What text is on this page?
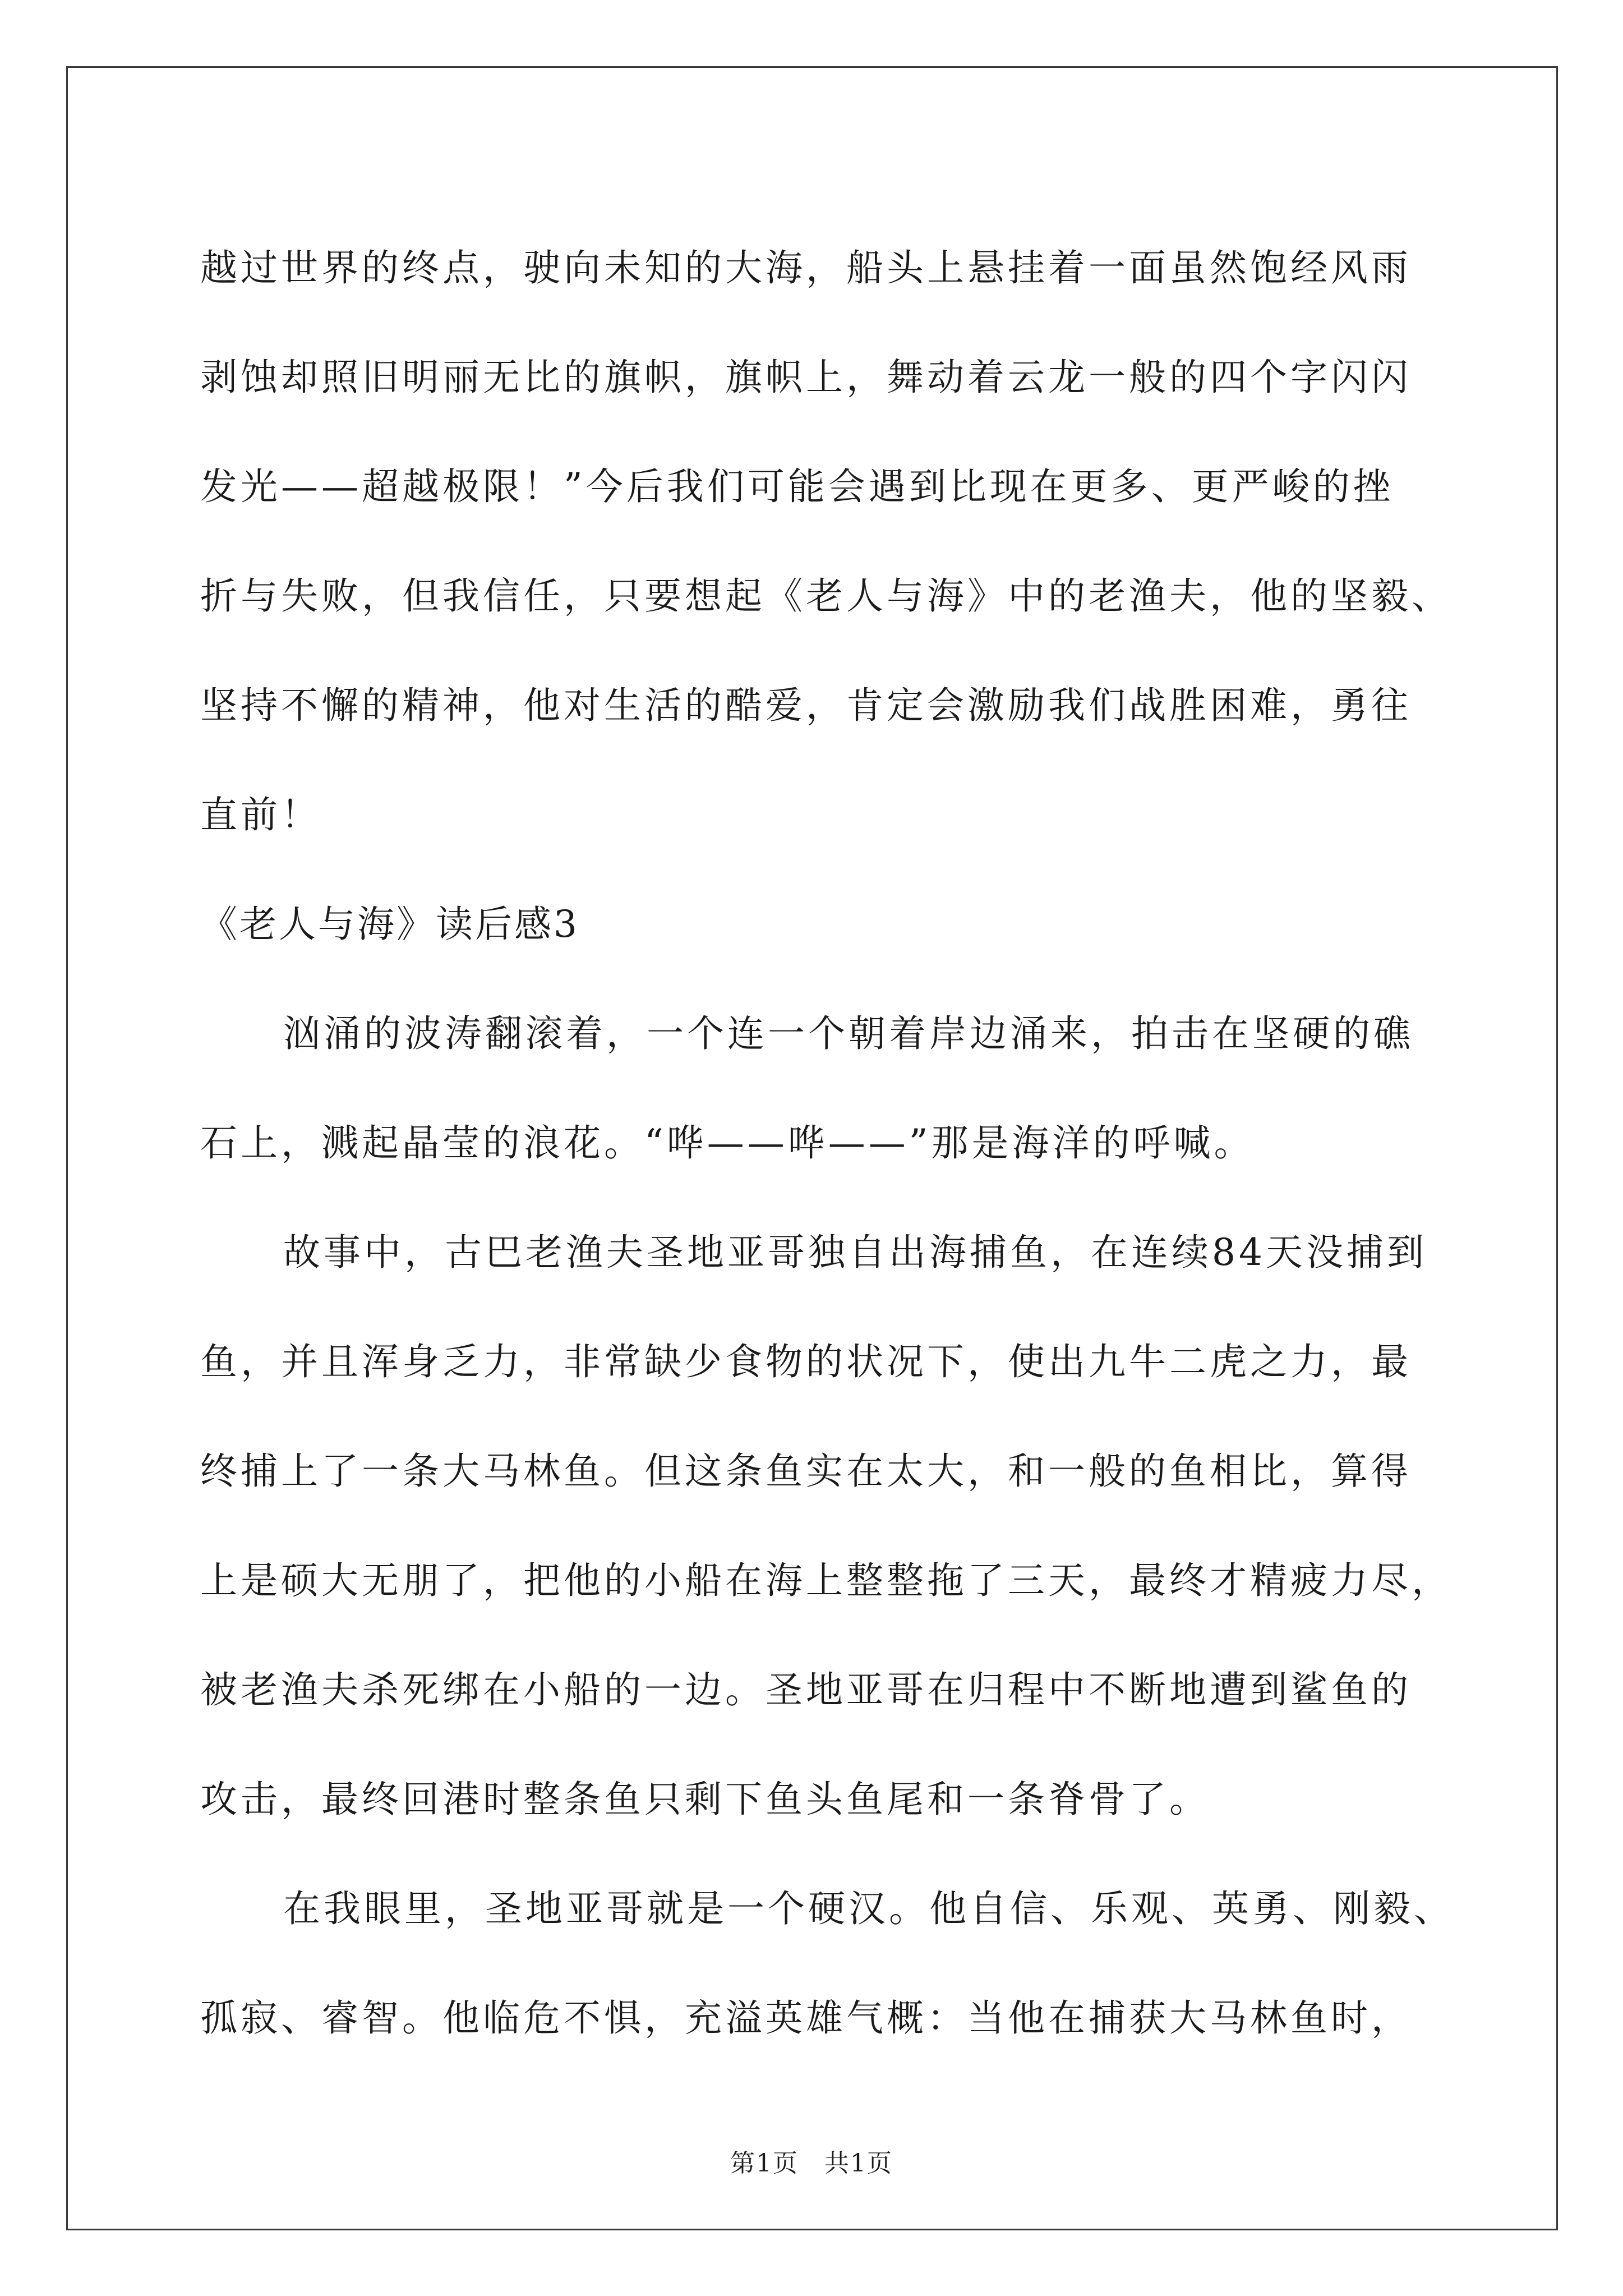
越过世界的终点，驶向未知的大海，船头上悬挂着一面虽然饱经风雨
剥蚀却照旧明丽无比的旗帜，旗帜上，舞动着云龙一般的四个字闪闪
发光——超越极限！”今后我们可能会遇到比现在更多、更严峻的挫
折与失败，但我信任，只要想起《老人与海》中的老渔夫，他的坚毅、
坚持不懈的精神，他对生活的酷爱，肯定会激励我们战胜困难，勇往
直前！
《老人与海》读后感3
汹涌的波涛翻滚着，一个连一个朝着岸边涌来，拍击在坚硬的礁
石上，溅起晶莹的浪花。“哗——哗——”那是海洋的呼喊。
故事中，古巴老渔夫圣地亚哥独自出海捕鱼，在连续84天没捕到
鱼，并且浑身乏力，非常缺少食物的状况下，使出九牛二虎之力，最
终捕上了一条大马林鱼。但这条鱼实在太大，和一般的鱼相比，算得
上是硕大无朋了，把他的小船在海上整整拖了三天，最终才精疲力尽，
被老渔夫杀死绑在小船的一边。圣地亚哥在归程中不断地遭到鲨鱼的
攻击，最终回港时整条鱼只剩下鱼头鱼尾和一条脊骨了。
在我眼里，圣地亚哥就是一个硬汉。他自信、乐观、英勇、刚毅、
孤寂、睿智。他临危不惧，充溢英雄气概：当他在捕获大马林鱼时，
第1页　共1页
